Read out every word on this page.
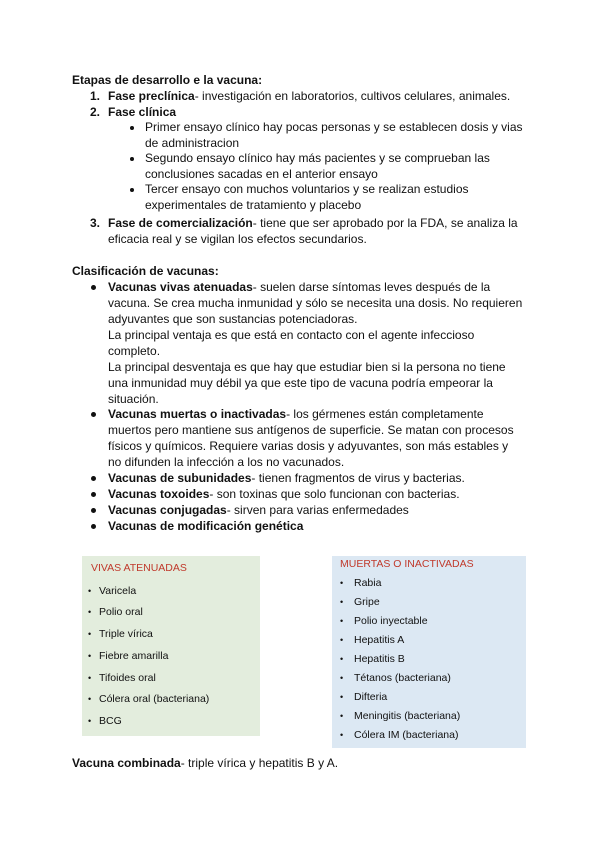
Etapas de desarrollo e la vacuna:
1. Fase preclínica- investigación en laboratorios, cultivos celulares, animales.
2. Fase clínica
Primer ensayo clínico hay pocas personas y se establecen dosis y vias
de administracion
Segundo ensayo clínico hay más pacientes y se comprueban las
conclusiones sacadas en el anterior ensayo
Tercer ensayo con muchos voluntarios y se realizan estudios
experimentales de tratamiento y placebo
3. Fase de comercialización- tiene que ser aprobado por la FDA, se analiza la
eficacia real y se vigilan los efectos secundarios.
Clasificación de vacunas:
Vacunas vivas atenuadas- suelen darse síntomas leves después de la
vacuna. Se crea mucha inmunidad y sólo se necesita una dosis. No requieren
adyuvantes que son sustancias potenciadoras.
La principal ventaja es que está en contacto con el agente infeccioso
completo.
La principal desventaja es que hay que estudiar bien si la persona no tiene
una inmunidad muy débil ya que este tipo de vacuna podría empeorar la
situación.
Vacunas muertas o inactivadas- los gérmenes están completamente
muertos pero mantiene sus antígenos de superficie. Se matan con procesos
físicos y químicos. Requiere varias dosis y adyuvantes, son más estables y
no difunden la infección a los no vacunados.
Vacunas de subunidades- tienen fragmentos de virus y bacterias.
Vacunas toxoides- son toxinas que solo funcionan con bacterias.
Vacunas conjugadas- sirven para varias enfermedades
Vacunas de modificación genética
VIVAS ATENUADAS
• Varicela
• Polio oral
• Triple vírica
• Fiebre amarilla
• Tifoides oral
• Cólera oral (bacteriana)
• BCG
MUERTAS O INACTIVADAS
• Rabia
• Gripe
• Polio inyectable
• Hepatitis A
• Hepatitis B
• Tétanos (bacteriana)
• Difteria
• Meningitis (bacteriana)
• Cólera IM (bacteriana)
Vacuna combinada- triple vírica y hepatitis B y A.
